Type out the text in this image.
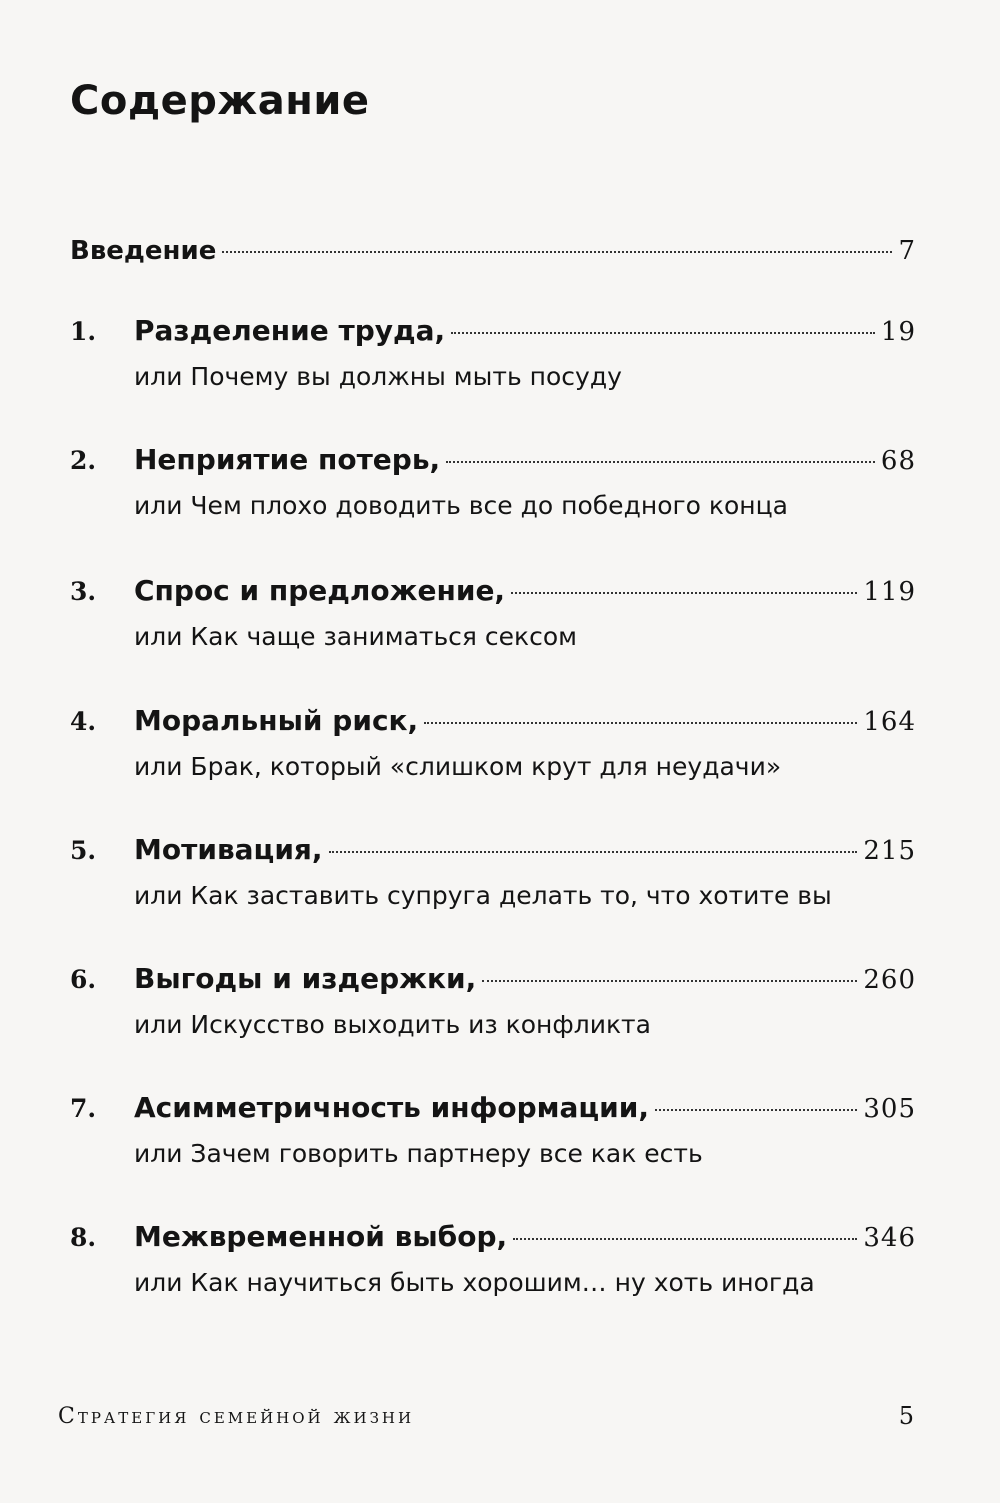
Содержание
Введение	7
1.	Разделение труда,	19
или Почему вы должны мыть посуду
2.	Неприятие потерь,	68
или Чем плохо доводить все до победного конца
3.	Спрос и предложение,	119
или Как чаще заниматься сексом
4.	Моральный риск,	164
или Брак, который «слишком крут для неудачи»
5.	Мотивация,	215
или Как заставить супруга делать то, что хотите вы
6.	Выгоды и издержки,	260
или Искусство выходить из конфликта
7.	Асимметричность информации,	305
или Зачем говорить партнеру все как есть
8.	Межвременной выбор,	346
или Как научиться быть хорошим… ну хоть иногда
Стратегия семейной жизни	5
